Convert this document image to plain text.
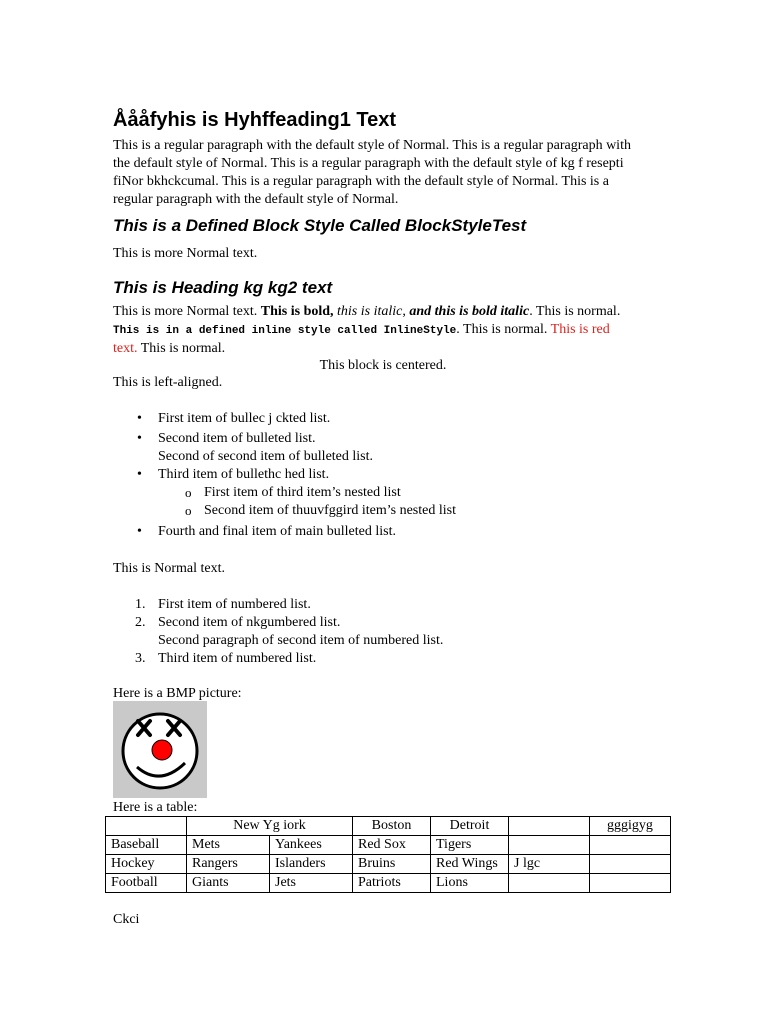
Åååfyhis is Hyhffeading1 Text
This is a regular paragraph with the default style of Normal. This is a regular paragraph with the default style of Normal. This is a regular paragraph with the default style of kg f resepti fiNor bkhckcumal. This is a regular paragraph with the default style of Normal. This is a regular paragraph with the default style of Normal.
This is a Defined Block Style Called BlockStyleTest
This is more Normal text.
This is Heading kg kg2 text
This is more Normal text. This is bold, this is italic, and this is bold italic. This is normal. This is in a defined inline style called InlineStyle. This is normal. This is red text. This is normal.
This block is centered.
This is left-aligned.
• First item of bullec j ckted list.
• Second item of bulleted list.
Second of second item of bulleted list.
• Third item of bullethc hed list.
o First item of third item’s nested list
o Second item of thuuvfggird item’s nested list
• Fourth and final item of main bulleted list.
This is Normal text.
1. First item of numbered list.
2. Second item of nkgumbered list.
Second paragraph of second item of numbered list.
3. Third item of numbered list.
Here is a BMP picture:
Here is a table:
	New Yg iork		Boston	Detroit		gggigyg
Baseball	Mets	Yankees	Red Sox	Tigers		
Hockey	Rangers	Islanders	Bruins	Red Wings	J lgc	
Football	Giants	Jets	Patriots	Lions		
Ckci
